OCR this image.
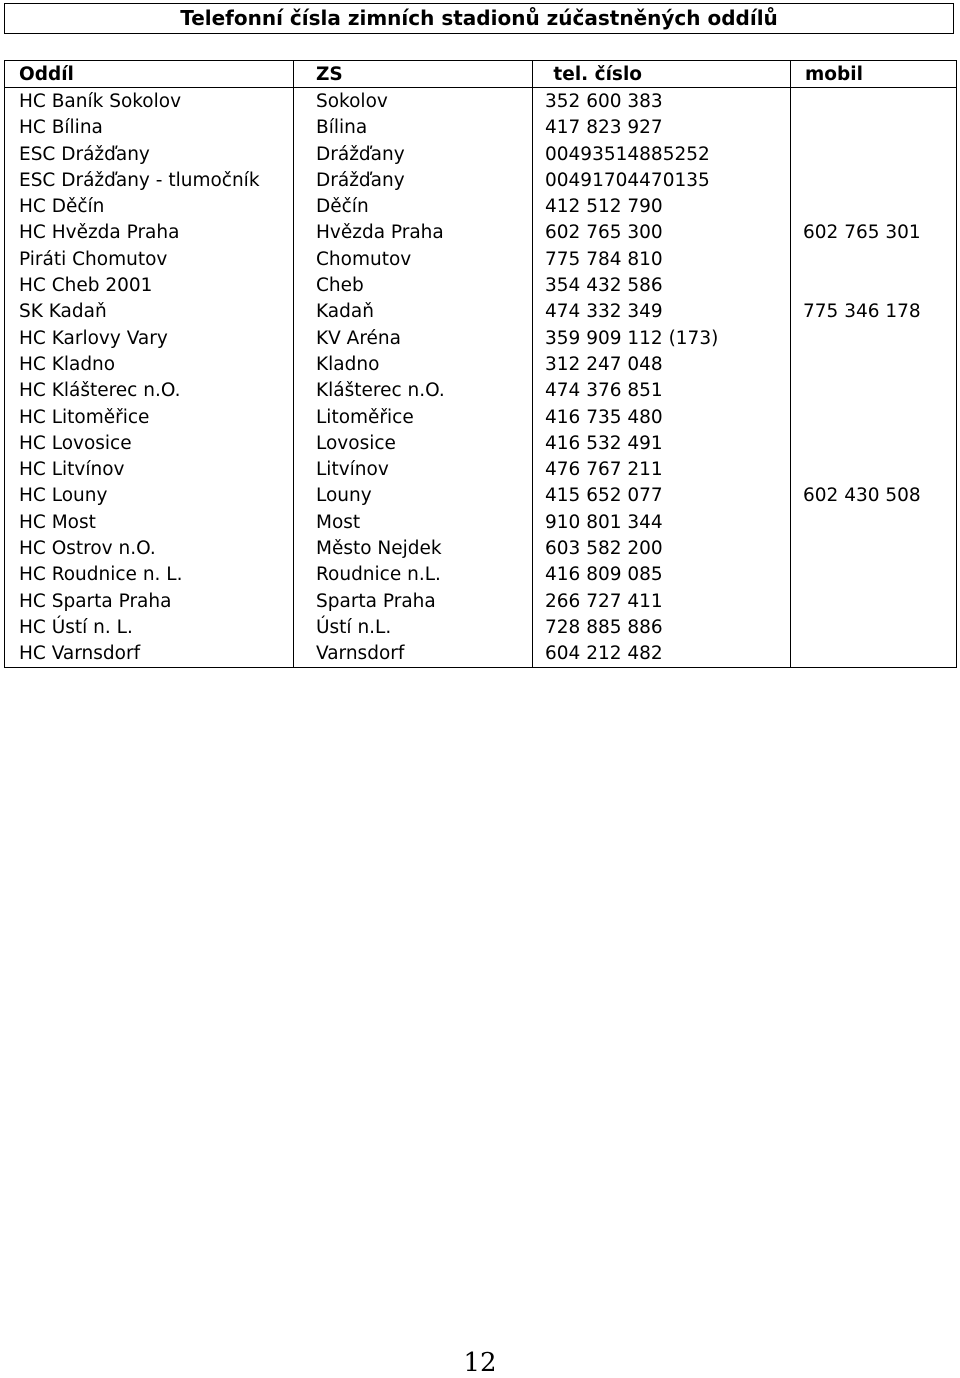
Telefonní čísla zimních stadionů zúčastněných oddílů
Oddíl	ZS	tel. číslo	mobil
HC Baník Sokolov	Sokolov	352 600 383	
HC Bílina	Bílina	417 823 927	
ESC Drážďany	Drážďany	00493514885252	
ESC Drážďany - tlumočník	Drážďany	00491704470135	
HC Děčín	Děčín	412 512 790	
HC Hvězda Praha	Hvězda Praha	602 765 300	602 765 301
Piráti Chomutov	Chomutov	775 784 810	
HC Cheb 2001	Cheb	354 432 586	
SK Kadaň	Kadaň	474 332 349	775 346 178
HC Karlovy Vary	KV Aréna	359 909 112 (173)	
HC Kladno	Kladno	312 247 048	
HC Klášterec n.O.	Klášterec n.O.	474 376 851	
HC Litoměřice	Litoměřice	416 735 480	
HC Lovosice	Lovosice	416 532 491	
HC Litvínov	Litvínov	476 767 211	
HC Louny	Louny	415 652 077	602 430 508
HC Most	Most	910 801 344	
HC Ostrov n.O.	Město Nejdek	603 582 200	
HC Roudnice n. L.	Roudnice n.L.	416 809 085	
HC Sparta Praha	Sparta Praha	266 727 411	
HC Ústí n. L.	Ústí n.L.	728 885 886	
HC Varnsdorf	Varnsdorf	604 212 482	
12
